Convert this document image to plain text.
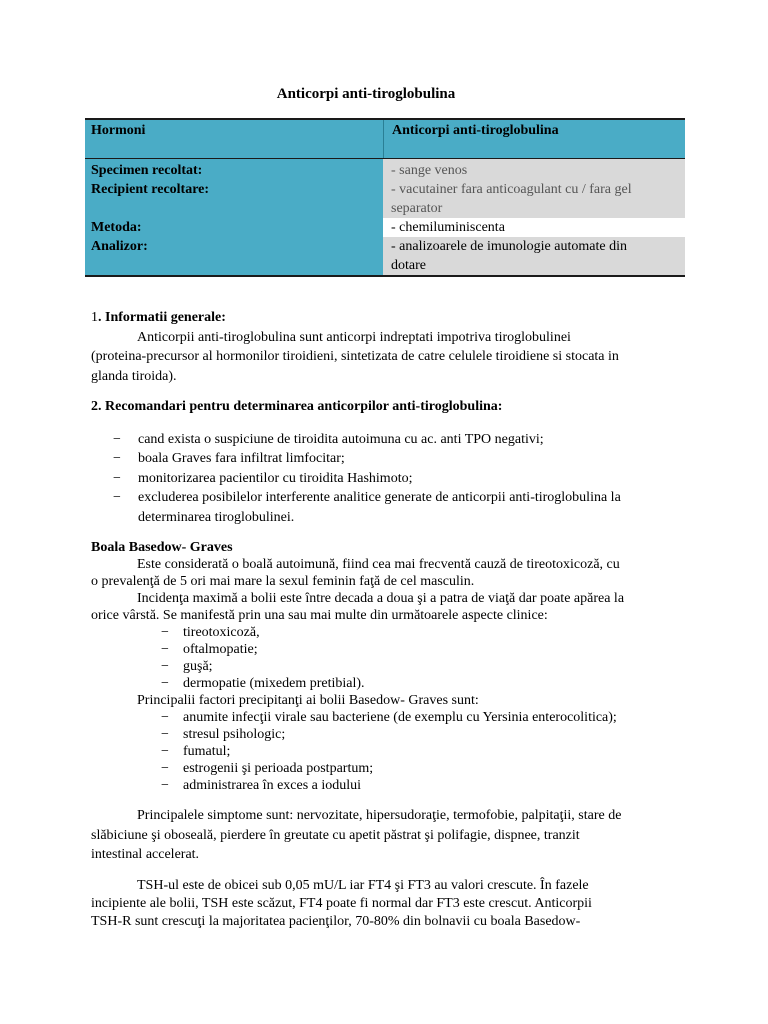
Anticorpi anti-tiroglobulina
Hormoni	Anticorpi anti-tiroglobulina
Specimen recoltat:	- sange venos
Recipient recoltare:	- vacutainer fara anticoagulant cu / fara gel
separator
Metoda:	- chemiluminiscenta
Analizor:	- analizoarele de imunologie automate din
dotare

1. Informatii generale:

Anticorpii anti-tiroglobulina sunt anticorpi indreptati impotriva tiroglobulinei

(proteina-precursor al hormonilor tiroidieni, sintetizata de catre celulele tiroidiene si stocata in

glanda tiroida).

2. Recomandari pentru determinarea anticorpilor anti-tiroglobulina:

− cand exista o suspiciune de tiroidita autoimuna cu ac. anti TPO negativi;
− boala Graves fara infiltrat limfocitar;
− monitorizarea pacientilor cu tiroidita Hashimoto;
− excluderea posibilelor interferente analitice generate de anticorpii anti-tiroglobulina la
determinarea tiroglobulinei.

Boala Basedow- Graves

Este considerată o boală autoimună, fiind cea mai frecventă cauză de tireotoxicoză, cu

o prevalenţă de 5 ori mai mare la sexul feminin faţă de cel masculin.

Incidenţa maximă a bolii este între decada a doua şi a patra de viaţă dar poate apărea la

orice vârstă. Se manifestă prin una sau mai multe din următoarele aspecte clinice:

− tireotoxicoză,
− oftalmopatie;
− guşă;
− dermopatie (mixedem pretibial).

Principalii factori precipitanţi ai bolii Basedow- Graves sunt:

− anumite infecţii virale sau bacteriene (de exemplu cu Yersinia enterocolitica);
− stresul psihologic;
− fumatul;
− estrogenii şi perioada postpartum;
− administrarea în exces a iodului

Principalele simptome sunt: nervozitate, hipersudoraţie, termofobie, palpitaţii, stare de

slăbiciune şi oboseală, pierdere în greutate cu apetit păstrat şi polifagie, dispnee, tranzit

intestinal accelerat.

TSH-ul este de obicei sub 0,05 mU/L iar FT4 şi FT3 au valori crescute. În fazele

incipiente ale bolii, TSH este scăzut, FT4 poate fi normal dar FT3 este crescut. Anticorpii

TSH-R sunt crescuţi la majoritatea pacienţilor, 70-80% din bolnavii cu boala Basedow-
